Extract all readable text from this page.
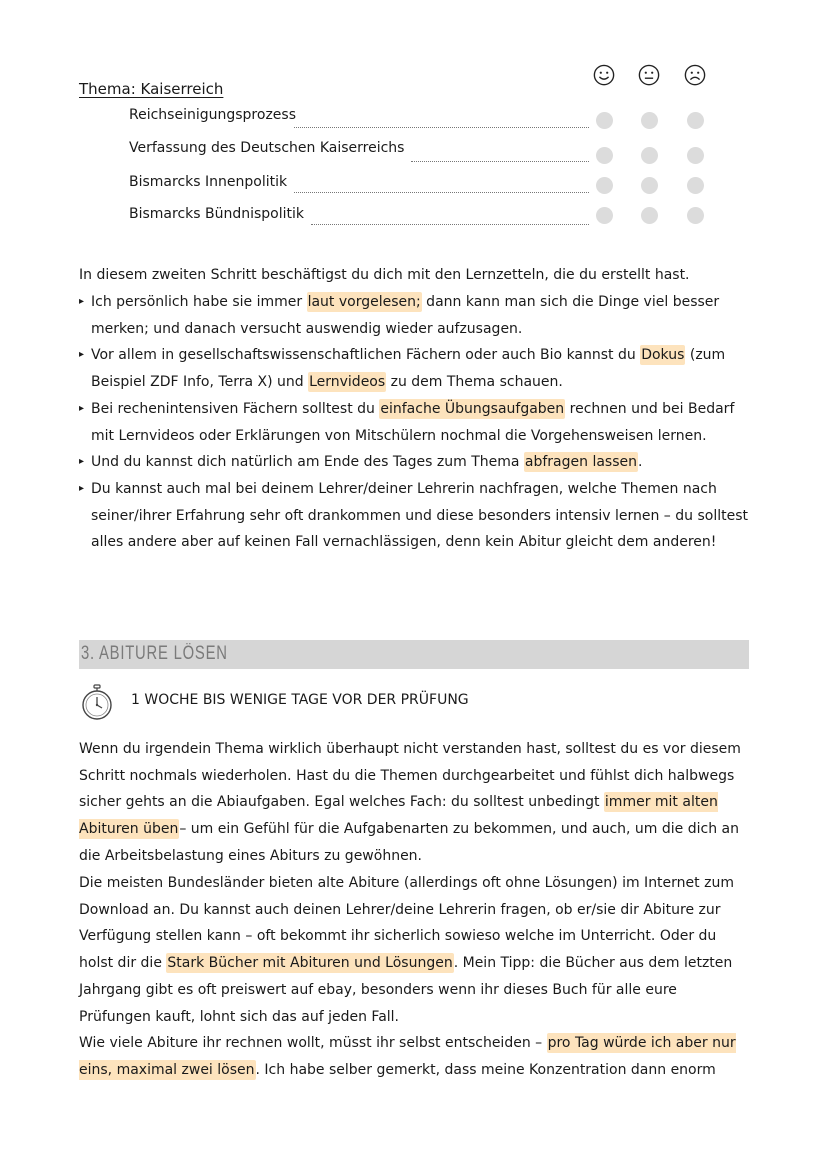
Thema: Kaiserreich
Reichseinigungsprozess
Verfassung des Deutschen Kaiserreichs
Bismarcks Innenpolitik
Bismarcks Bündnispolitik
In diesem zweiten Schritt beschäftigst du dich mit den Lernzetteln, die du erstellt hast.
▸ Ich persönlich habe sie immer laut vorgelesen; dann kann man sich die Dinge viel besser merken; und danach versucht auswendig wieder aufzusagen.
▸ Vor allem in gesellschaftswissenschaftlichen Fächern oder auch Bio kannst du Dokus (zum Beispiel ZDF Info, Terra X) und Lernvideos zu dem Thema schauen.
▸ Bei rechenintensiven Fächern solltest du einfache Übungsaufgaben rechnen und bei Bedarf mit Lernvideos oder Erklärungen von Mitschülern nochmal die Vorgehensweisen lernen.
▸ Und du kannst dich natürlich am Ende des Tages zum Thema abfragen lassen.
▸ Du kannst auch mal bei deinem Lehrer/deiner Lehrerin nachfragen, welche Themen nach seiner/ihrer Erfahrung sehr oft drankommen und diese besonders intensiv lernen – du solltest alles andere aber auf keinen Fall vernachlässigen, denn kein Abitur gleicht dem anderen!
3. ABITURE LÖSEN
1 WOCHE BIS WENIGE TAGE VOR DER PRÜFUNG
Wenn du irgendein Thema wirklich überhaupt nicht verstanden hast, solltest du es vor diesem Schritt nochmals wiederholen. Hast du die Themen durchgearbeitet und fühlst dich halbwegs sicher gehts an die Abiaufgaben. Egal welches Fach: du solltest unbedingt immer mit alten Abituren üben– um ein Gefühl für die Aufgabenarten zu bekommen, und auch, um die dich an die Arbeitsbelastung eines Abiturs zu gewöhnen.
Die meisten Bundesländer bieten alte Abiture (allerdings oft ohne Lösungen) im Internet zum Download an. Du kannst auch deinen Lehrer/deine Lehrerin fragen, ob er/sie dir Abiture zur Verfügung stellen kann – oft bekommt ihr sicherlich sowieso welche im Unterricht. Oder du holst dir die Stark Bücher mit Abituren und Lösungen. Mein Tipp: die Bücher aus dem letzten Jahrgang gibt es oft preiswert auf ebay, besonders wenn ihr dieses Buch für alle eure Prüfungen kauft, lohnt sich das auf jeden Fall.
Wie viele Abiture ihr rechnen wollt, müsst ihr selbst entscheiden – pro Tag würde ich aber nur eins, maximal zwei lösen. Ich habe selber gemerkt, dass meine Konzentration dann enorm
